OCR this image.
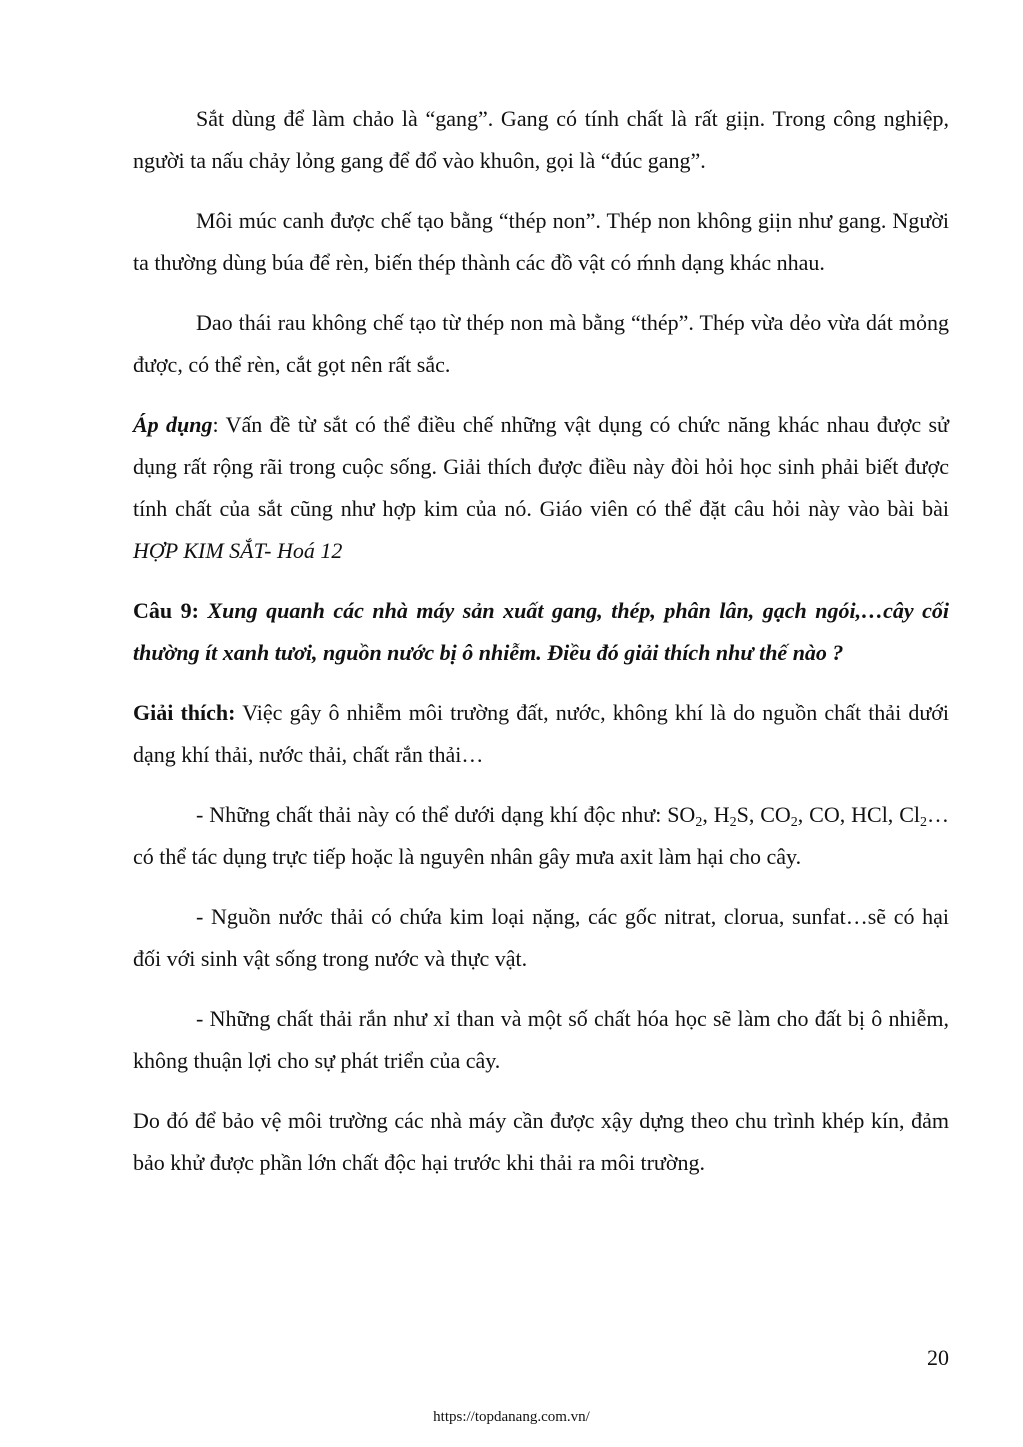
Sắt dùng để làm chảo là “gang”. Gang có tính chất là rất giịn. Trong công nghiệp, người ta nấu chảy lỏng gang để đổ vào khuôn, gọi là “đúc gang”.

Môi múc canh được chế tạo bằng “thép non”. Thép non không giịn như gang. Người ta thường dùng búa để rèn, biến thép thành các đồ vật có ḿnh dạng khác nhau.

Dao thái rau không chế tạo từ thép non mà bằng “thép”. Thép vừa dẻo vừa dát mỏng được, có thể rèn, cắt gọt nên rất sắc.

Áp dụng: Vấn đề từ sắt có thể điều chế những vật dụng có chức năng khác nhau được sử dụng rất rộng rãi trong cuộc sống. Giải thích được điều này đòi hỏi học sinh phải biết được tính chất của sắt cũng như hợp kim của nó. Giáo viên có thể đặt câu hỏi này vào bài bài HỢP KIM SẮT- Hoá 12

Câu 9: Xung quanh các nhà máy sản xuất gang, thép, phân lân, gạch ngói,…cây cối thường ít xanh tươi, nguồn nước bị ô nhiễm. Điều đó giải thích như thế nào ?

Giải thích: Việc gây ô nhiễm môi trường đất, nước, không khí là do nguồn chất thải dưới dạng khí thải, nước thải, chất rắn thải…

- Những chất thải này có thể dưới dạng khí độc như: $SO_2$, $H_2S$, $CO_2$, CO, HCl, $Cl_2\dots có$ thể tác dụng trực tiếp hoặc là nguyên nhân gây mưa axit làm hại cho cây.

- Nguồn nước thải có chứa kim loại nặng, các gốc nitrat, clorua, sunfat…sẽ có hại đối với sinh vật sống trong nước và thực vật.

- Những chất thải rắn như xỉ than và một số chất hóa học sẽ làm cho đất bị ô nhiễm, không thuận lợi cho sự phát triển của cây.

Do đó để bảo vệ môi trường các nhà máy cần được xậy dựng theo chu trình khép kín, đảm bảo khử được phần lớn chất độc hại trước khi thải ra môi trường.

20
https://topdanang.com.vn/
